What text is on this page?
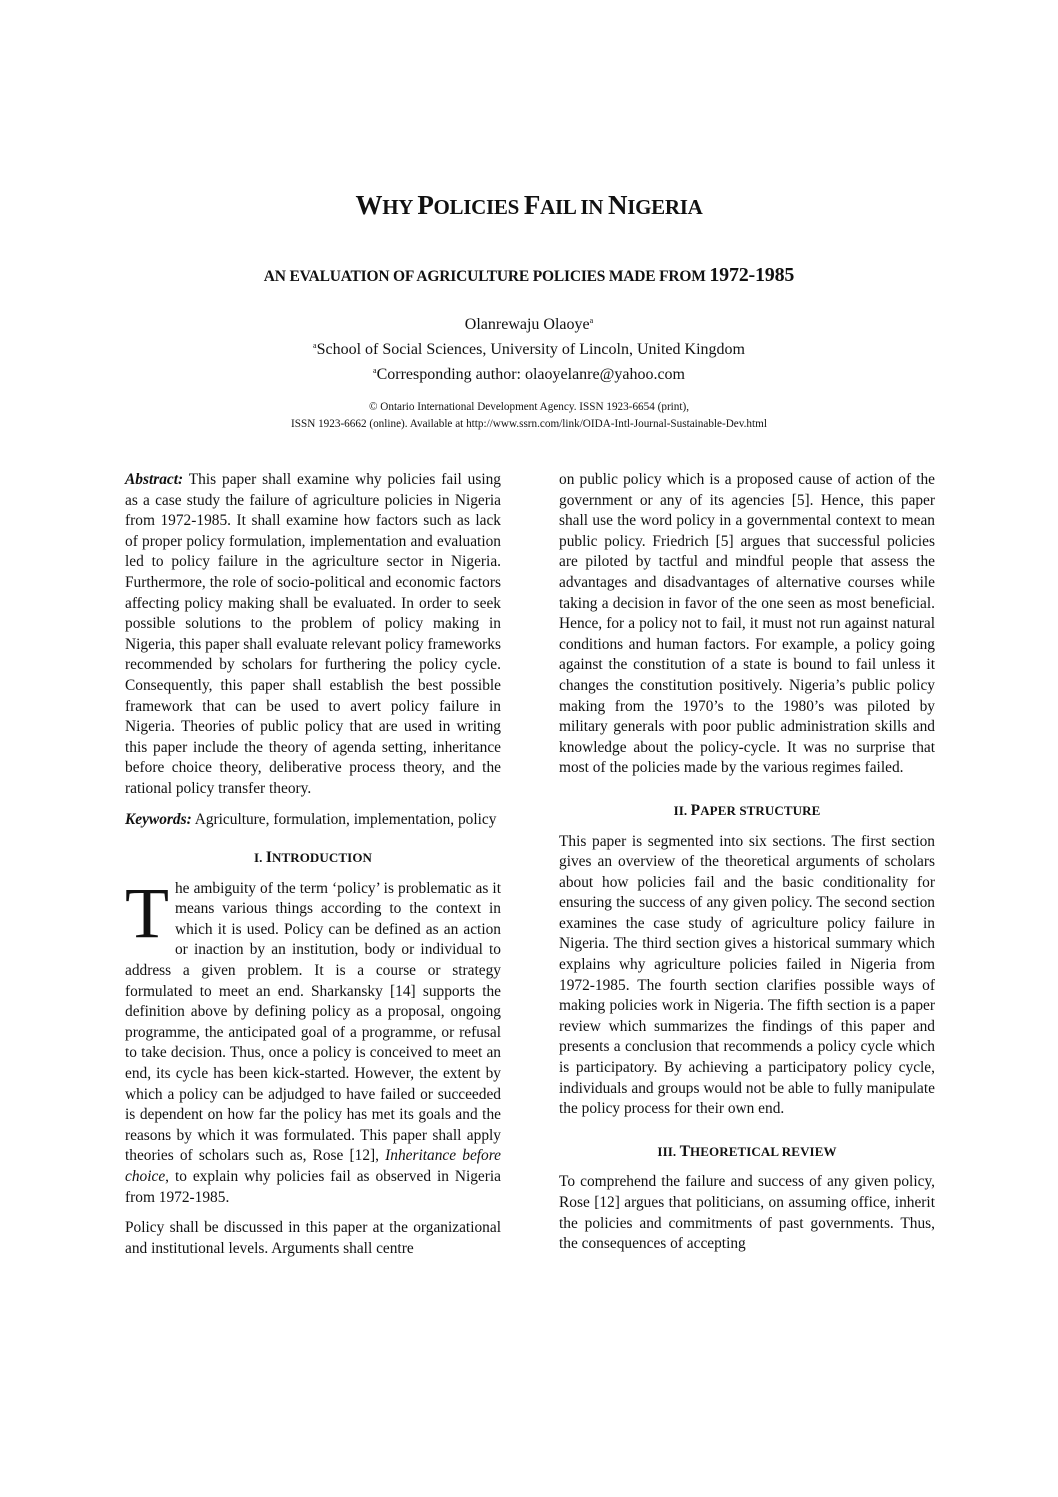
WHY POLICIES FAIL IN NIGERIA
AN EVALUATION OF AGRICULTURE POLICIES MADE FROM 1972-1985
Olanrewaju Olaoye$^a$
$^a$School of Social Sciences, University of Lincoln, United Kingdom
$^a$Corresponding author: olaoyelanre@yahoo.com
© Ontario International Development Agency. ISSN 1923-6654 (print),
ISSN 1923-6662 (online). Available at http://www.ssrn.com/link/OIDA-Intl-Journal-Sustainable-Dev.html

Abstract: This paper shall examine why policies fail using as a case study the failure of agriculture policies in Nigeria from 1972-1985. It shall examine how factors such as lack of proper policy formulation, implementation and evaluation led to policy failure in the agriculture sector in Nigeria. Furthermore, the role of socio-political and economic factors affecting policy making shall be evaluated. In order to seek possible solutions to the problem of policy making in Nigeria, this paper shall evaluate relevant policy frameworks recommended by scholars for furthering the policy cycle. Consequently, this paper shall establish the best possible framework that can be used to avert policy failure in Nigeria. Theories of public policy that are used in writing this paper include the theory of agenda setting, inheritance before choice theory, deliberative process theory, and the rational policy transfer theory.

Keywords: Agriculture, formulation, implementation, policy

I. INTRODUCTION

The ambiguity of the term ‘policy’ is problematic as it means various things according to the context in which it is used. Policy can be defined as an action or inaction by an institution, body or individual to address a given problem. It is a course or strategy formulated to meet an end. Sharkansky [14] supports the definition above by defining policy as a proposal, ongoing programme, the anticipated goal of a programme, or refusal to take decision. Thus, once a policy is conceived to meet an end, its cycle has been kick-started. However, the extent by which a policy can be adjudged to have failed or succeeded is dependent on how far the policy has met its goals and the reasons by which it was formulated. This paper shall apply theories of scholars such as, Rose [12], Inheritance before choice, to explain why policies fail as observed in Nigeria from 1972-1985.

Policy shall be discussed in this paper at the organizational and institutional levels. Arguments shall centre

on public policy which is a proposed cause of action of the government or any of its agencies [5]. Hence, this paper shall use the word policy in a governmental context to mean public policy. Friedrich [5] argues that successful policies are piloted by tactful and mindful people that assess the advantages and disadvantages of alternative courses while taking a decision in favor of the one seen as most beneficial. Hence, for a policy not to fail, it must not run against natural conditions and human factors. For example, a policy going against the constitution of a state is bound to fail unless it changes the constitution positively. Nigeria’s public policy making from the 1970’s to the 1980’s was piloted by military generals with poor public administration skills and knowledge about the policy-cycle. It was no surprise that most of the policies made by the various regimes failed.

II. PAPER STRUCTURE

This paper is segmented into six sections. The first section gives an overview of the theoretical arguments of scholars about how policies fail and the basic conditionality for ensuring the success of any given policy. The second section examines the case study of agriculture policy failure in Nigeria. The third section gives a historical summary which explains why agriculture policies failed in Nigeria from 1972-1985. The fourth section clarifies possible ways of making policies work in Nigeria. The fifth section is a paper review which summarizes the findings of this paper and presents a conclusion that recommends a policy cycle which is participatory. By achieving a participatory policy cycle, individuals and groups would not be able to fully manipulate the policy process for their own end.

III. THEORETICAL REVIEW

To comprehend the failure and success of any given policy, Rose [12] argues that politicians, on assuming office, inherit the policies and commitments of past governments. Thus, the consequences of accepting
